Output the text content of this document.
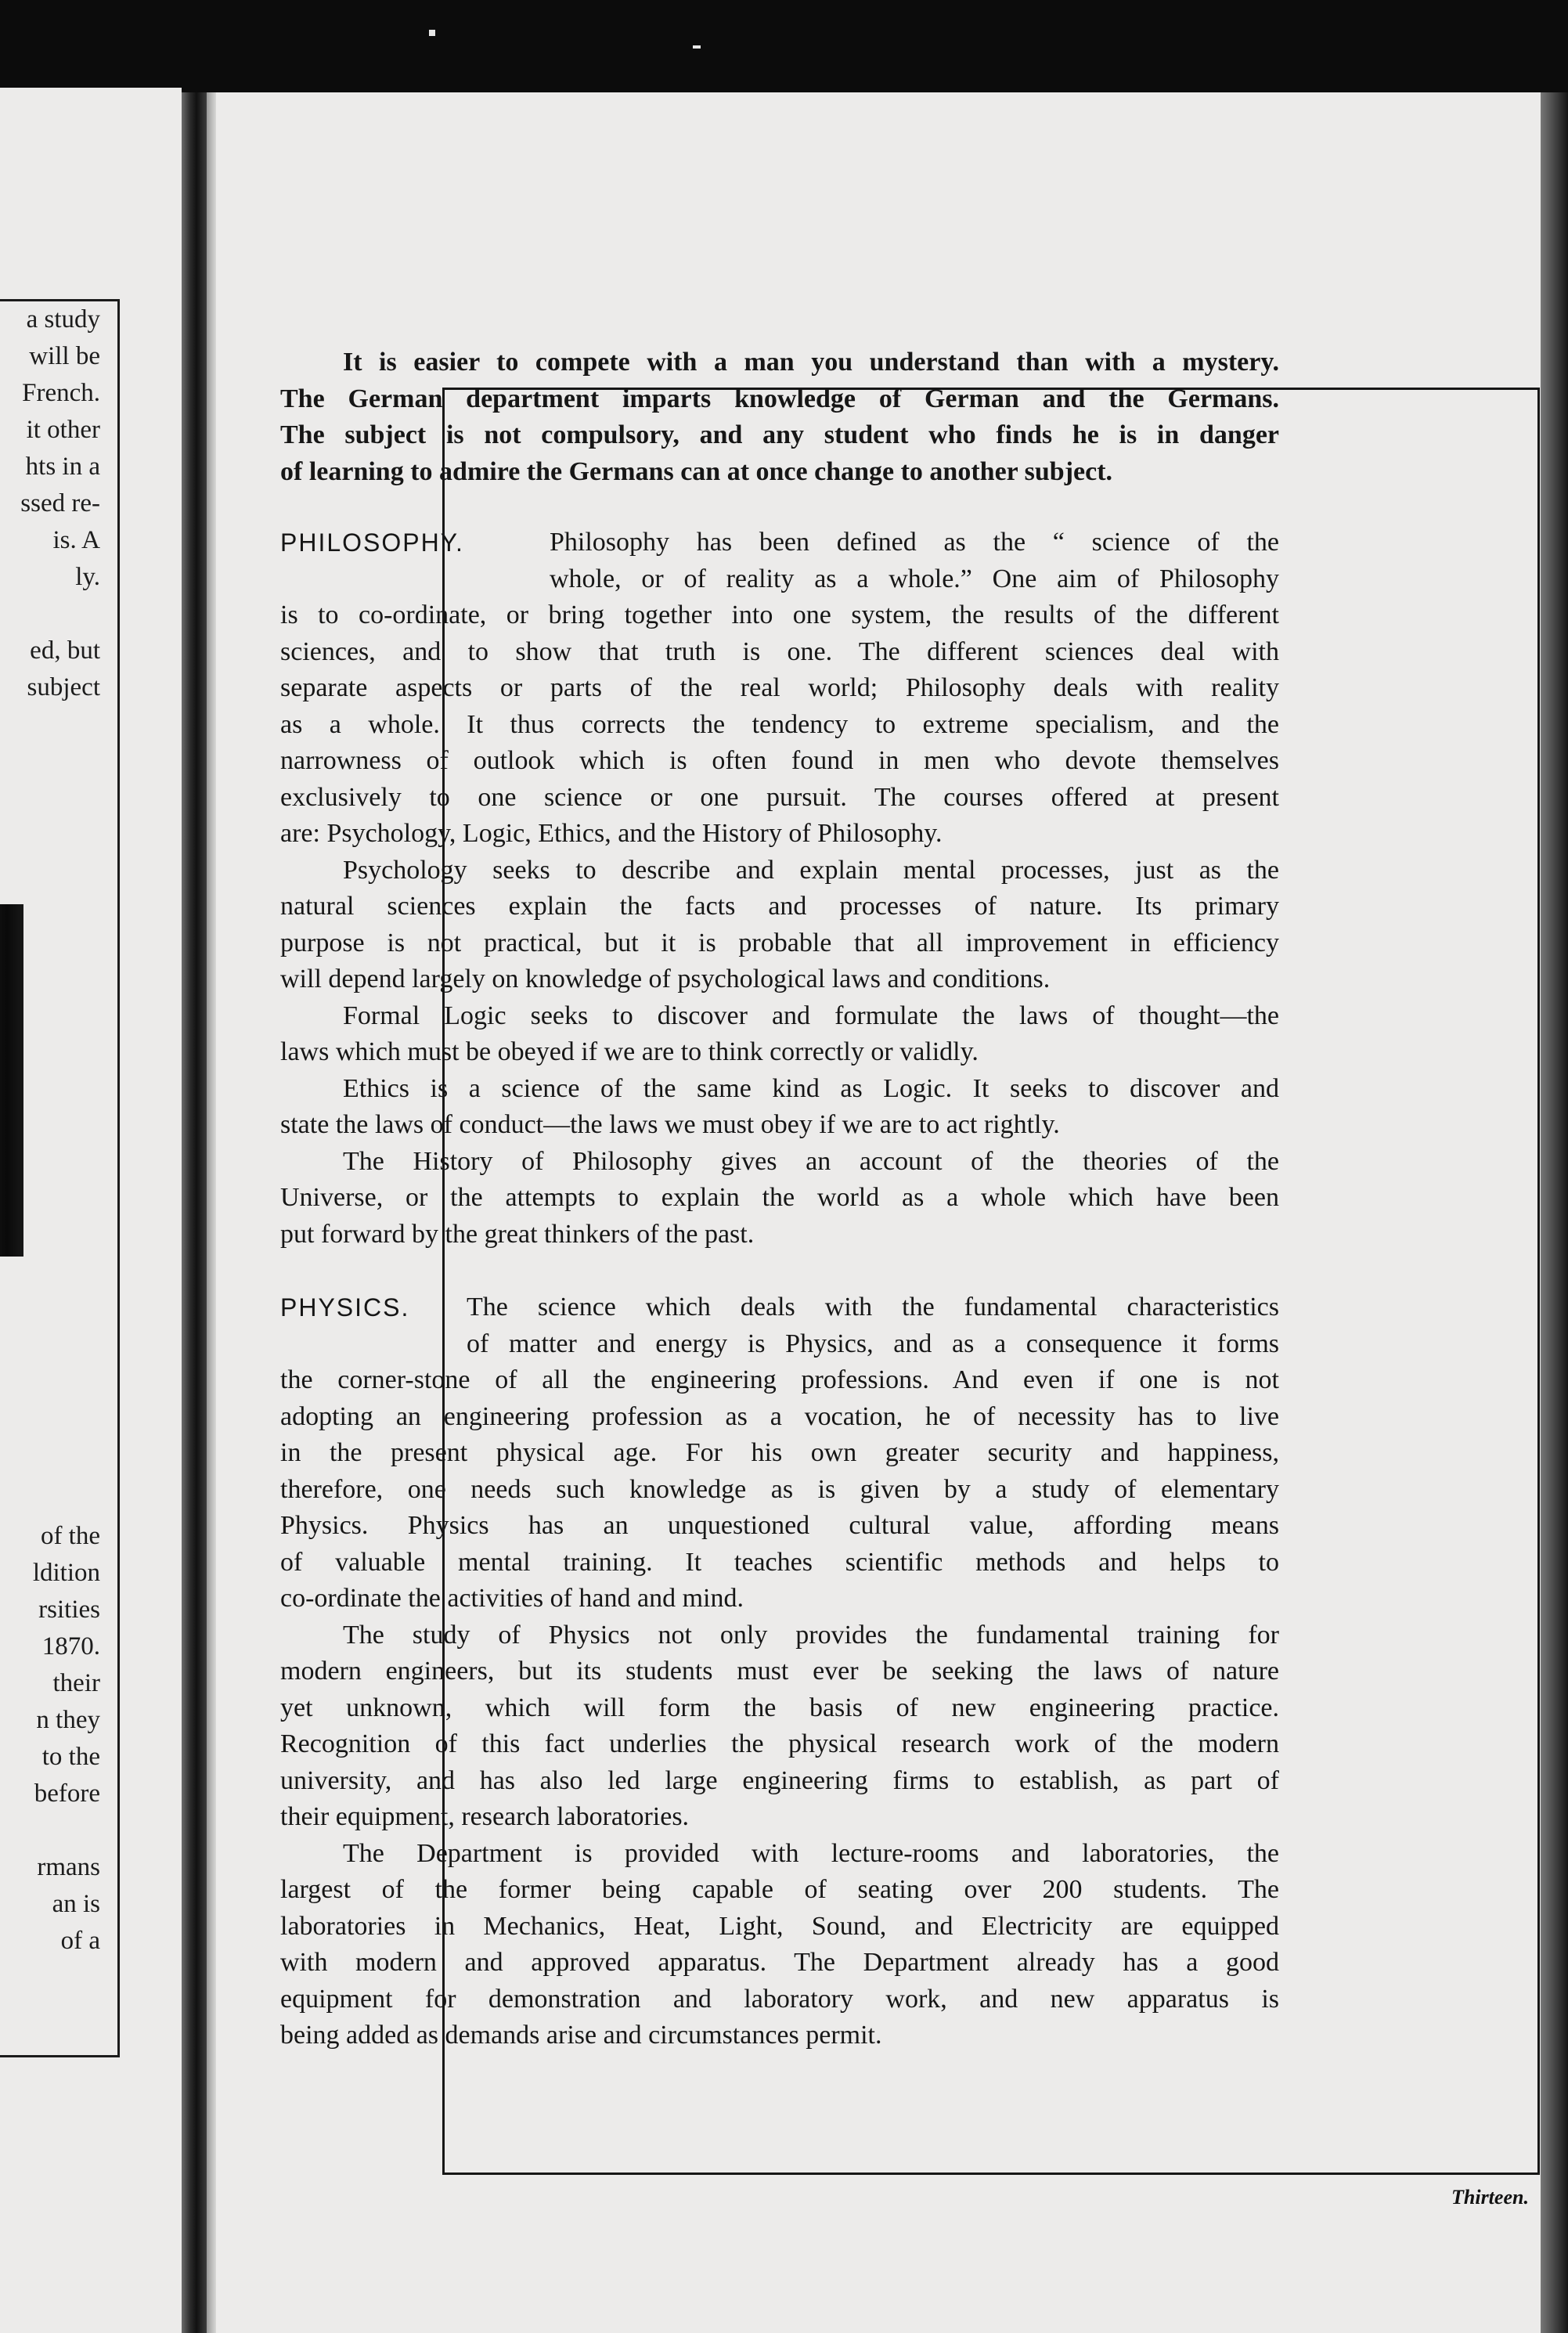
a study
will be
French.
it other
hts in a
ssed re-
is. A
ly.
ed, but
subject
of the
ldition
rsities
1870.
their
n they
to the
before
rmans
an is
of a
Thirteen.
It is easier to compete with a man you understand than with a mystery.
The German department imparts knowledge of German and the Germans.
The subject is not compulsory, and any student who finds he is in danger
of learning to admire the Germans can at once change to another subject.
PHILOSOPHY.	Philosophy has been defined as the “ science of the
whole, or of reality as a whole.” One aim of Philosophy
is to co-ordinate, or bring together into one system, the results of the different
sciences, and to show that truth is one. The different sciences deal with
separate aspects or parts of the real world; Philosophy deals with reality
as a whole. It thus corrects the tendency to extreme specialism, and the
narrowness of outlook which is often found in men who devote themselves
exclusively to one science or one pursuit. The courses offered at present
are: Psychology, Logic, Ethics, and the History of Philosophy.
Psychology seeks to describe and explain mental processes, just as the
natural sciences explain the facts and processes of nature. Its primary
purpose is not practical, but it is probable that all improvement in efficiency
will depend largely on knowledge of psychological laws and conditions.
Formal Logic seeks to discover and formulate the laws of thought—the
laws which must be obeyed if we are to think correctly or validly.
Ethics is a science of the same kind as Logic. It seeks to discover and
state the laws of conduct—the laws we must obey if we are to act rightly.
The History of Philosophy gives an account of the theories of the
Universe, or the attempts to explain the world as a whole which have been
put forward by the great thinkers of the past.
PHYSICS.	The science which deals with the fundamental characteristics
of matter and energy is Physics, and as a consequence it forms
the corner-stone of all the engineering professions. And even if one is not
adopting an engineering profession as a vocation, he of necessity has to live
in the present physical age. For his own greater security and happiness,
therefore, one needs such knowledge as is given by a study of elementary
Physics. Physics has an unquestioned cultural value, affording means
of valuable mental training. It teaches scientific methods and helps to
co-ordinate the activities of hand and mind.
The study of Physics not only provides the fundamental training for
modern engineers, but its students must ever be seeking the laws of nature
yet unknown, which will form the basis of new engineering practice.
Recognition of this fact underlies the physical research work of the modern
university, and has also led large engineering firms to establish, as part of
their equipment, research laboratories.
The Department is provided with lecture-rooms and laboratories, the
largest of the former being capable of seating over 200 students. The
laboratories in Mechanics, Heat, Light, Sound, and Electricity are equipped
with modern and approved apparatus. The Department already has a good
equipment for demonstration and laboratory work, and new apparatus is
being added as demands arise and circumstances permit.
